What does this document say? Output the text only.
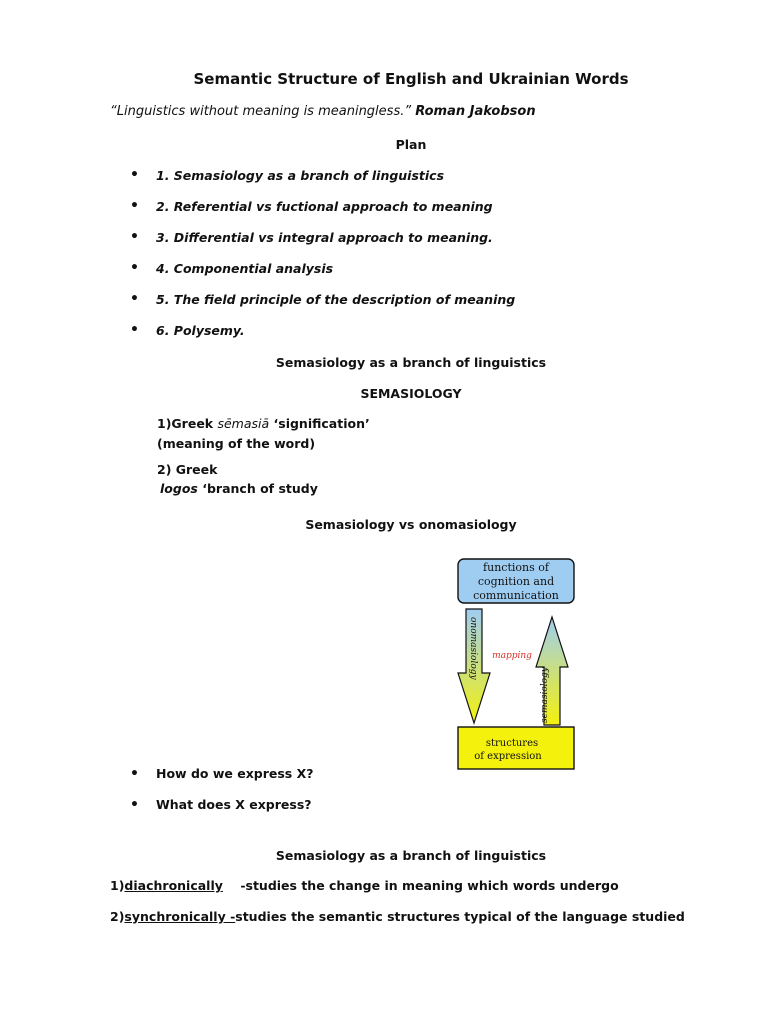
Semantic Structure of English and Ukrainian Words
“Linguistics without meaning is meaningless.” Roman Jakobson
Plan
• 1. Semasiology as a branch of linguistics
• 2. Referential vs fuctional approach to meaning
• 3. Differential vs integral approach to meaning.
• 4. Componential analysis
• 5. The field principle of the description of meaning
• 6. Polysemy.
Semasiology as a branch of linguistics
SEMASIOLOGY
1)Greek sēmasiā ‘signification’
(meaning of the word)
2) Greek
logos ‘branch of study
Semasiology vs onomasiology
functions of
cognition and
communication
onomasiology
semasiology
mapping
structures
of expression
• How do we express X?
• What does X express?
Semasiology as a branch of linguistics
1)diachronically    -studies the change in meaning which words undergo
2)synchronically -studies the semantic structures typical of the language studied
